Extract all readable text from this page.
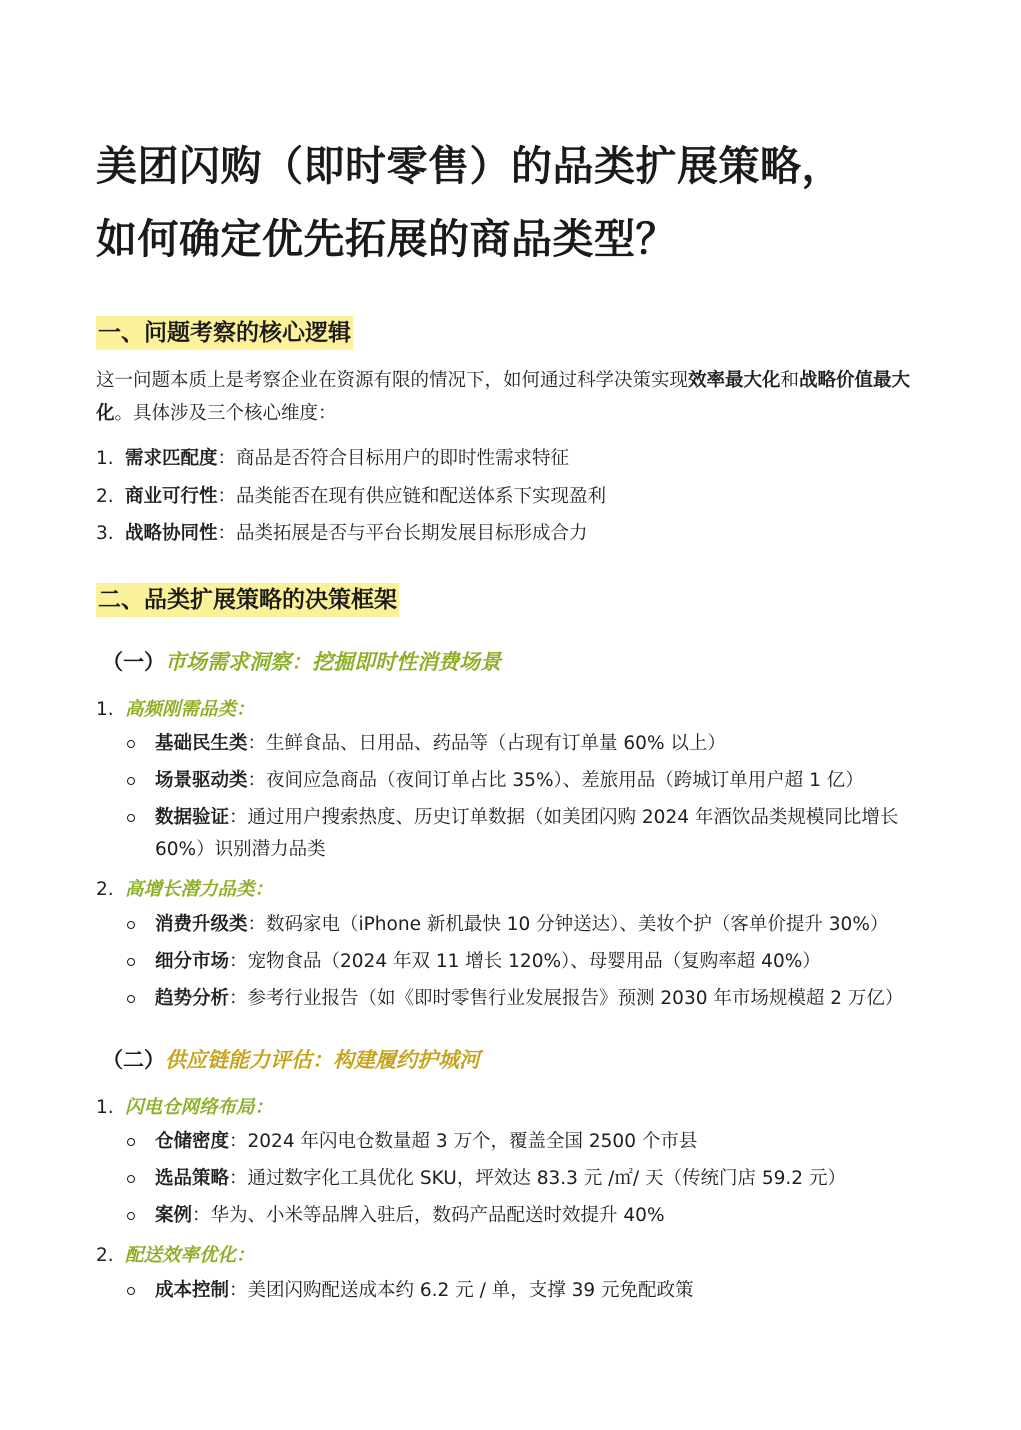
美团闪购（即时零售）的品类扩展策略，
如何确定优先拓展的商品类型？
一、问题考察的核心逻辑

这一问题本质上是考察企业在资源有限的情况下，如何通过科学决策实现效率最大化和战略价值最大化。具体涉及三个核心维度：

1. 需求匹配度：商品是否符合目标用户的即时性需求特征
2. 商业可行性：品类能否在现有供应链和配送体系下实现盈利
3. 战略协同性：品类拓展是否与平台长期发展目标形成合力
二、品类扩展策略的决策框架
（一）市场需求洞察：挖掘即时性消费场景
1. 高频刚需品类：
基础民生类：生鲜食品、日用品、药品等（占现有订单量 60% 以上）
场景驱动类：夜间应急商品（夜间订单占比 35%）、差旅用品（跨城订单用户超 1 亿）
数据验证：通过用户搜索热度、历史订单数据（如美团闪购 2024 年酒饮品类规模同比增长 60%）识别潜力品类
2. 高增长潜力品类：
消费升级类：数码家电（iPhone 新机最快 10 分钟送达）、美妆个护（客单价提升 30%）
细分市场：宠物食品（2024 年双 11 增长 120%）、母婴用品（复购率超 40%）
趋势分析：参考行业报告（如《即时零售行业发展报告》预测 2030 年市场规模超 2 万亿）
（二）供应链能力评估：构建履约护城河
1. 闪电仓网络布局：
仓储密度：2024 年闪电仓数量超 3 万个，覆盖全国 2500 个市县
选品策略：通过数字化工具优化 SKU，坪效达 83.3 元 /㎡/ 天（传统门店 59.2 元）
案例：华为、小米等品牌入驻后，数码产品配送时效提升 40%
2. 配送效率优化：
成本控制：美团闪购配送成本约 6.2 元 / 单，支撑 39 元免配政策
